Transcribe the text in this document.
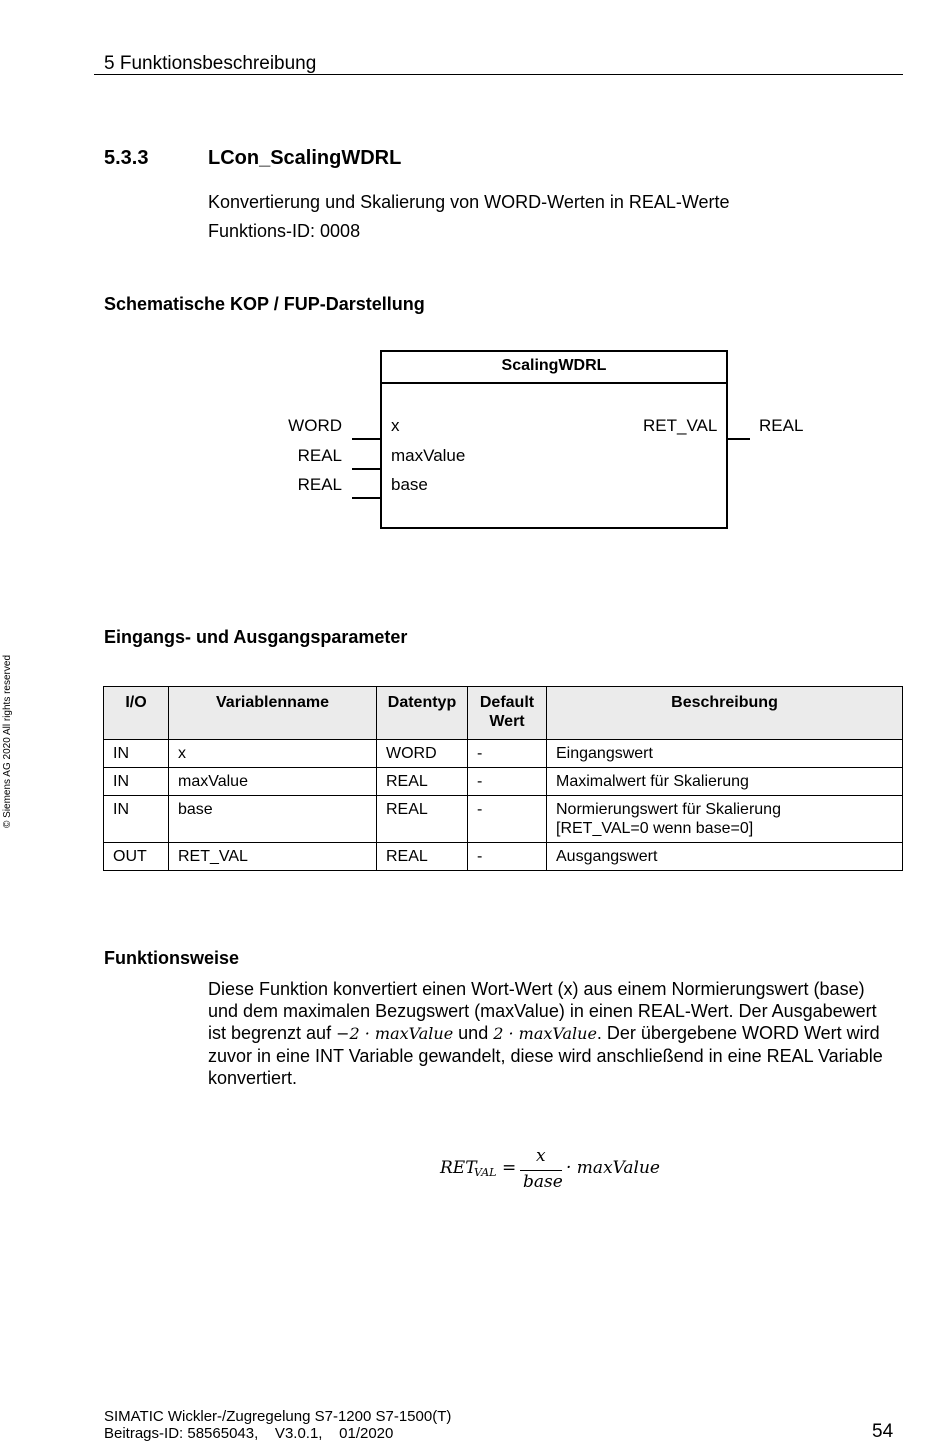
5 Funktionsbeschreibung
5.3.3	LCon_ScalingWDRL
Konvertierung und Skalierung von WORD-Werten in REAL-Werte
Funktions-ID: 0008
Schematische KOP / FUP-Darstellung
ScalingWDRL
WORD
REAL
REAL
x
maxValue
base
RET_VAL REAL
Eingangs- und Ausgangsparameter
I/O	Variablenname	Datentyp	Default Wert	Beschreibung
IN	x	WORD	-	Eingangswert
IN	maxValue	REAL	-	Maximalwert für Skalierung
IN	base	REAL	-	Normierungswert für Skalierung
[RET_VAL=0 wenn base=0]

OUT	RET_VAL	REAL	-	Ausgangswert
Funktionsweise
Diese Funktion konvertiert einen Wort-Wert (x) aus einem Normierungswert (base) und dem maximalen Bezugswert (maxValue) in einen REAL-Wert. Der Ausgabewert ist begrenzt auf −2 · maxValue und 2 · maxValue. Der übergebene WORD Wert wird zuvor in eine INT Variable gewandelt, diese wird anschließend in eine REAL Variable konvertiert.
RET
VAL =
x
base
· maxValue
© Siemens AG 2020 All rights reserved
SIMATIC Wickler-/Zugregelung S7-1200 S7-1500(T)
Beitrags-ID: 58565043,    V3.0.1,    01/2020	54
